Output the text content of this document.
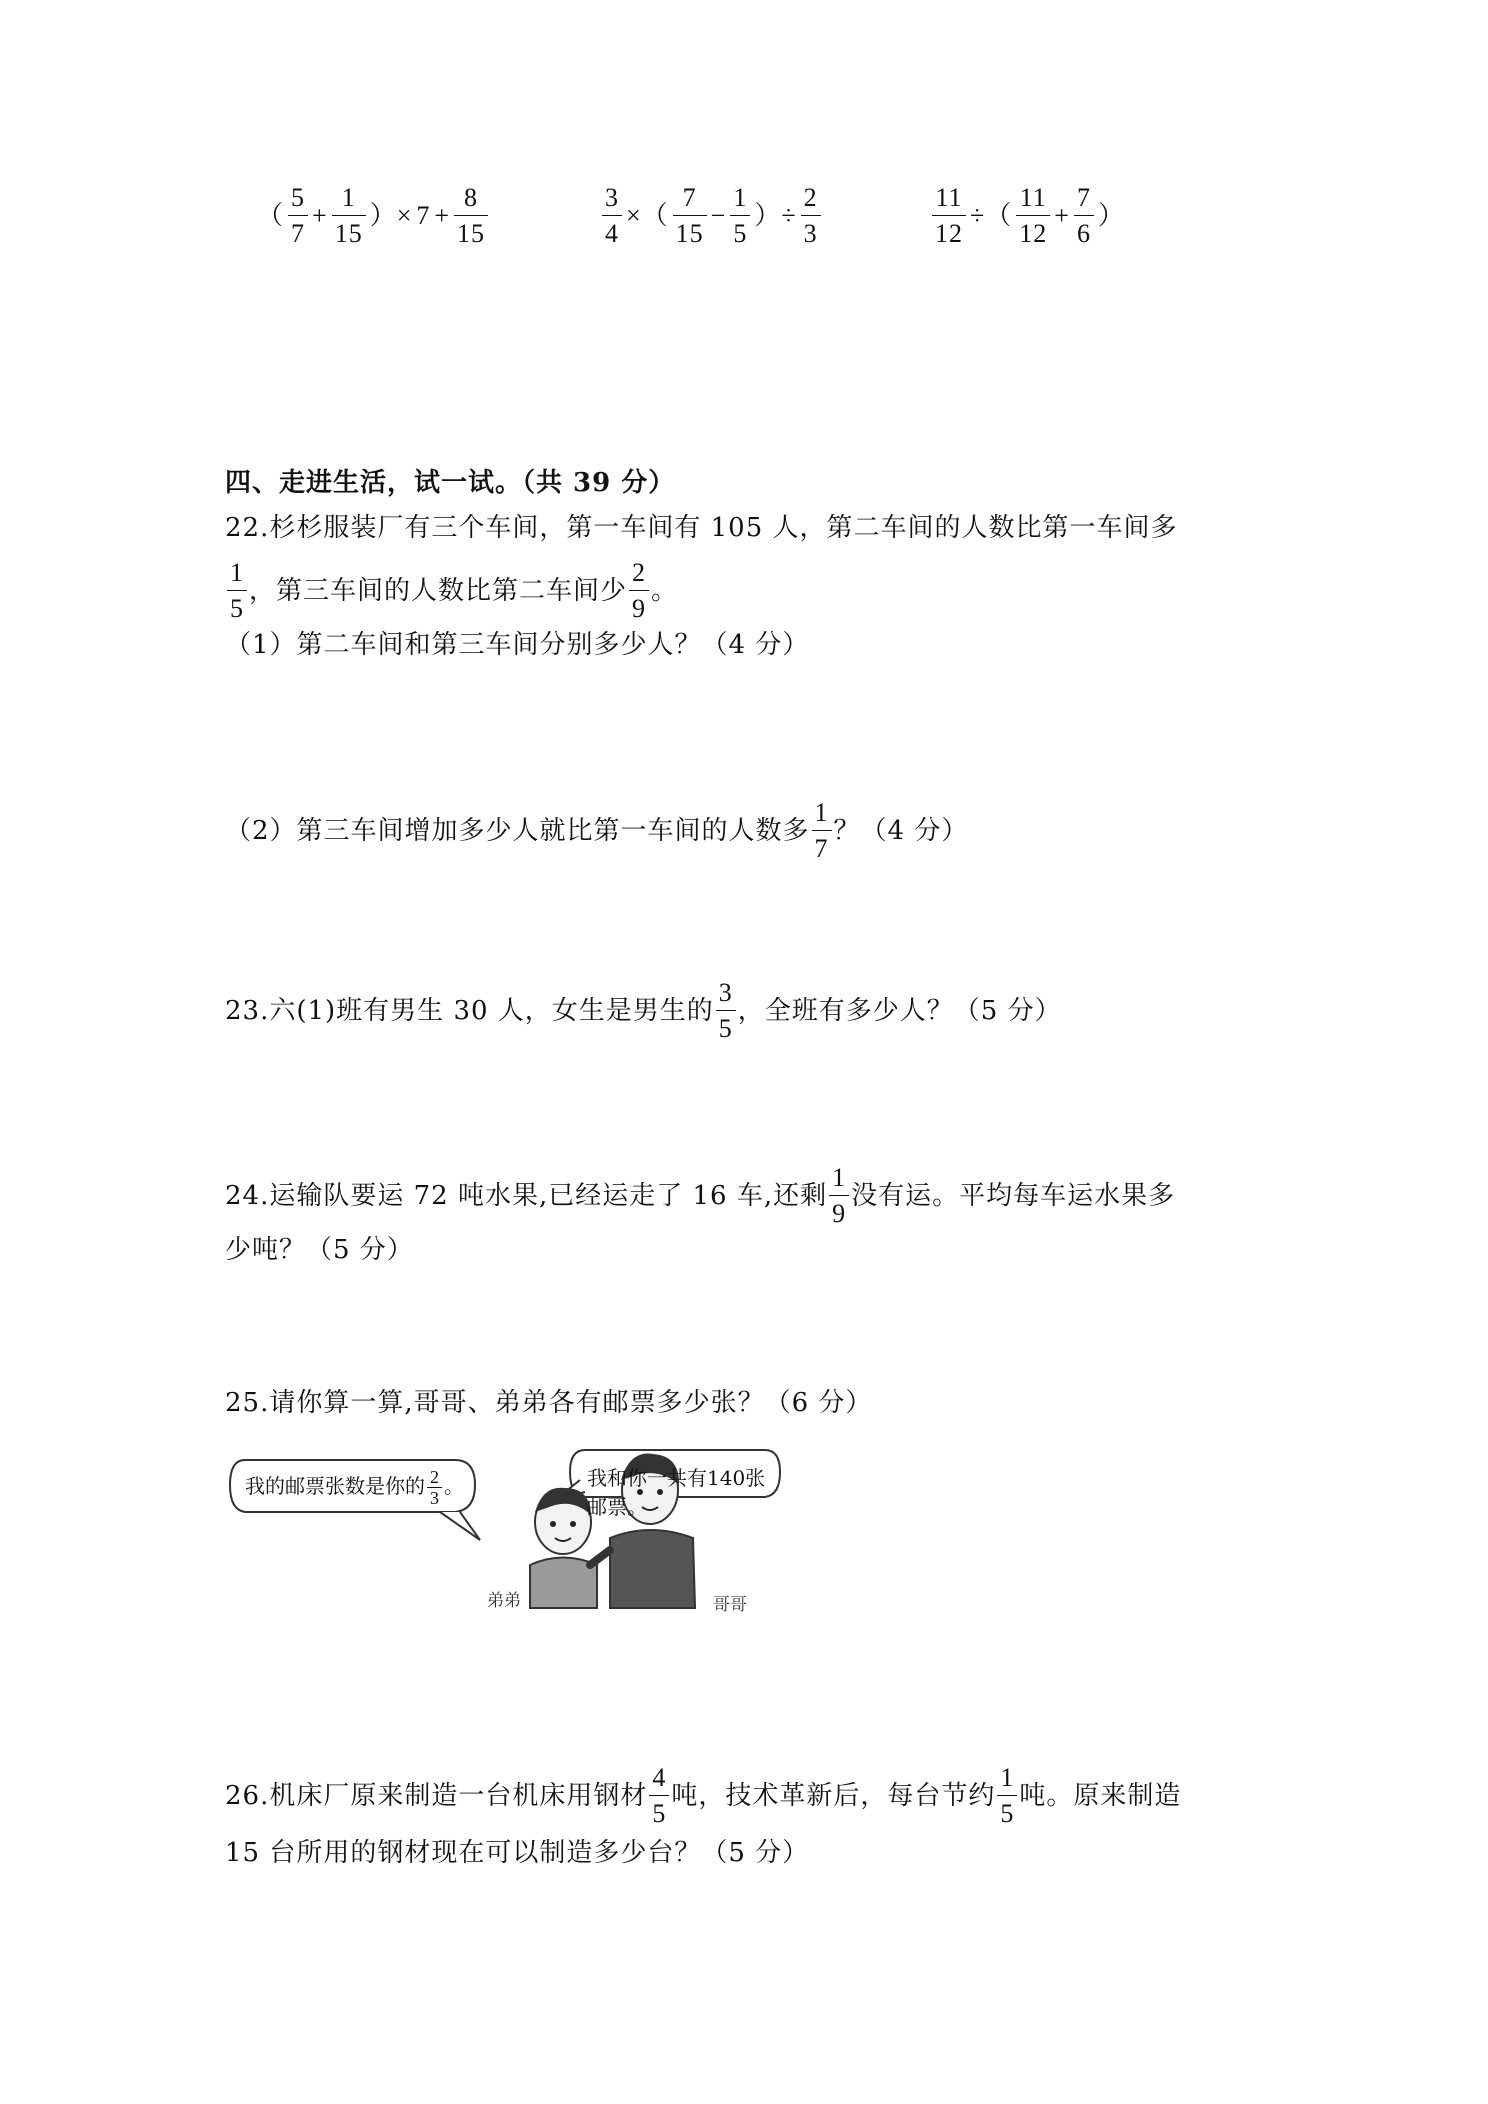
（ $\frac{5}{7} + \frac{1}{15}$ ）× $7 + \frac{8}{15}$	$\frac{3}{4}$ ×（ $\frac{7}{15} - \frac{1}{5}$ ）÷ $\frac{2}{3}$	$\frac{11}{12}$ ÷（ $\frac{11}{12} + \frac{7}{6}$ ）
四、走进生活，试一试。（共 39 分）
22.杉杉服装厂有三个车间，第一车间有 105 人，第二车间的人数比第一车间多
$\frac{1}{5}$ ，第三车间的人数比第二车间少 $\frac{2}{9}$ 。
（1）第二车间和第三车间分别多少人？（4 分）
（2）第三车间增加多少人就比第一车间的人数多 $\frac{1}{7}$ ？（4 分）
23.六(1)班有男生 30 人，女生是男生的 $\frac{3}{5}$ ，全班有多少人？（5 分）
24.运输队要运 72 吨水果,已经运走了 16 车,还剩 $\frac{1}{9}$ 没有运。平均每车运水果多
少吨？（5 分）
25.请你算一算,哥哥、弟弟各有邮票多少张？（6 分）
我的邮票张数是你的 $\frac{2}{3}$ 。	我和你一共有140张邮票。
弟弟	哥哥
26.机床厂原来制造一台机床用钢材 $\frac{4}{5}$ 吨，技术革新后，每台节约 $\frac{1}{5}$ 吨。原来制造
15 台所用的钢材现在可以制造多少台？（5 分）
